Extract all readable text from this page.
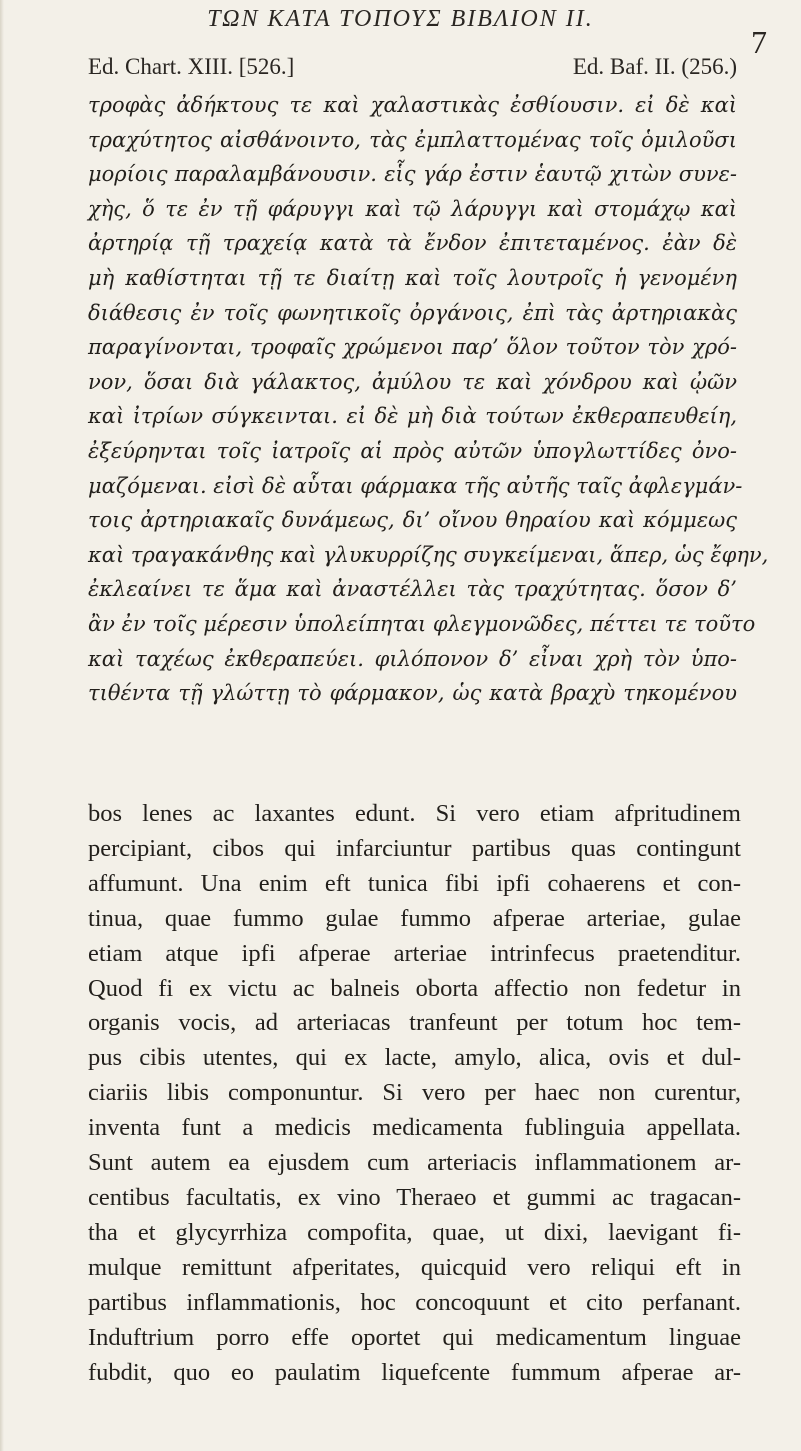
ΤΩΝ ΚΑΤΑ ΤΟΠΟΥΣ ΒΙΒΛΙΟΝ II.
7
Ed. Chart. XIII. [526.]	Ed. Baf. II. (256.)
τροφὰς ἀδήκτους τε καὶ χαλαστικὰς ἐσθίουσιν. εἰ δὲ καὶ
τραχύτητος αἰσθάνοιντο, τὰς ἐμπλαττομένας τοῖς ὁμιλοῦσι
μορίοις παραλαμβάνουσιν. εἷς γάρ ἐστιν ἑαυτῷ χιτὼν συνε-
χὴς, ὅ τε ἐν τῇ φάρυγγι καὶ τῷ λάρυγγι καὶ στομάχῳ καὶ
ἀρτηρίᾳ τῇ τραχείᾳ κατὰ τὰ ἔνδον ἐπιτεταμένος. ἐὰν δὲ
μὴ καθίστηται τῇ τε διαίτῃ καὶ τοῖς λουτροῖς ἡ γενομένη
διάθεσις ἐν τοῖς φωνητικοῖς ὀργάνοις, ἐπὶ τὰς ἀρτηριακὰς
παραγίνονται, τροφαῖς χρώμενοι παρ’ ὅλον τοῦτον τὸν χρό-
νον, ὅσαι διὰ γάλακτος, ἀμύλου τε καὶ χόνδρου καὶ ᾠῶν
καὶ ἰτρίων σύγκεινται. εἰ δὲ μὴ διὰ τούτων ἐκθεραπευθείη,
ἐξεύρηνται τοῖς ἰατροῖς αἱ πρὸς αὐτῶν ὑπογλωττίδες ὀνο-
μαζόμεναι. εἰσὶ δὲ αὗται φάρμακα τῆς αὐτῆς ταῖς ἀφλεγμάν-
τοις ἀρτηριακαῖς δυνάμεως, δι’ οἴνου θηραίου καὶ κόμμεως
καὶ τραγακάνθης καὶ γλυκυρρίζης συγκείμεναι, ἅπερ, ὡς ἔφην,
ἐκλεαίνει τε ἅμα καὶ ἀναστέλλει τὰς τραχύτητας. ὅσον δ’
ἂν ἐν τοῖς μέρεσιν ὑπολείπηται φλεγμονῶδες, πέττει τε τοῦτο
καὶ ταχέως ἐκθεραπεύει. φιλόπονον δ’ εἶναι χρὴ τὸν ὑπο-
τιθέντα τῇ γλώττῃ τὸ φάρμακον, ὡς κατὰ βραχὺ τηκομένου
bos lenes ac laxantes edunt. Si vero etiam afpritudinem
percipiant, cibos qui infarciuntur partibus quas contingunt
affumunt. Una enim eft tunica fibi ipfi cohaerens et con-
tinua, quae fummo gulae fummo afperae arteriae, gulae
etiam atque ipfi afperae arteriae intrinfecus praetenditur.
Quod fi ex victu ac balneis oborta affectio non fedetur in
organis vocis, ad arteriacas tranfeunt per totum hoc tem-
pus cibis utentes, qui ex lacte, amylo, alica, ovis et dul-
ciariis libis componuntur. Si vero per haec non curentur,
inventa funt a medicis medicamenta fublinguia appellata.
Sunt autem ea ejusdem cum arteriacis inflammationem ar-
centibus facultatis, ex vino Theraeo et gummi ac tragacan-
tha et glycyrrhiza compofita, quae, ut dixi, laevigant fi-
mulque remittunt afperitates, quicquid vero reliqui eft in
partibus inflammationis, hoc concoquunt et cito perfanant.
Induftrium porro effe oportet qui medicamentum linguae
fubdit, quo eo paulatim liquefcente fummum afperae ar-
